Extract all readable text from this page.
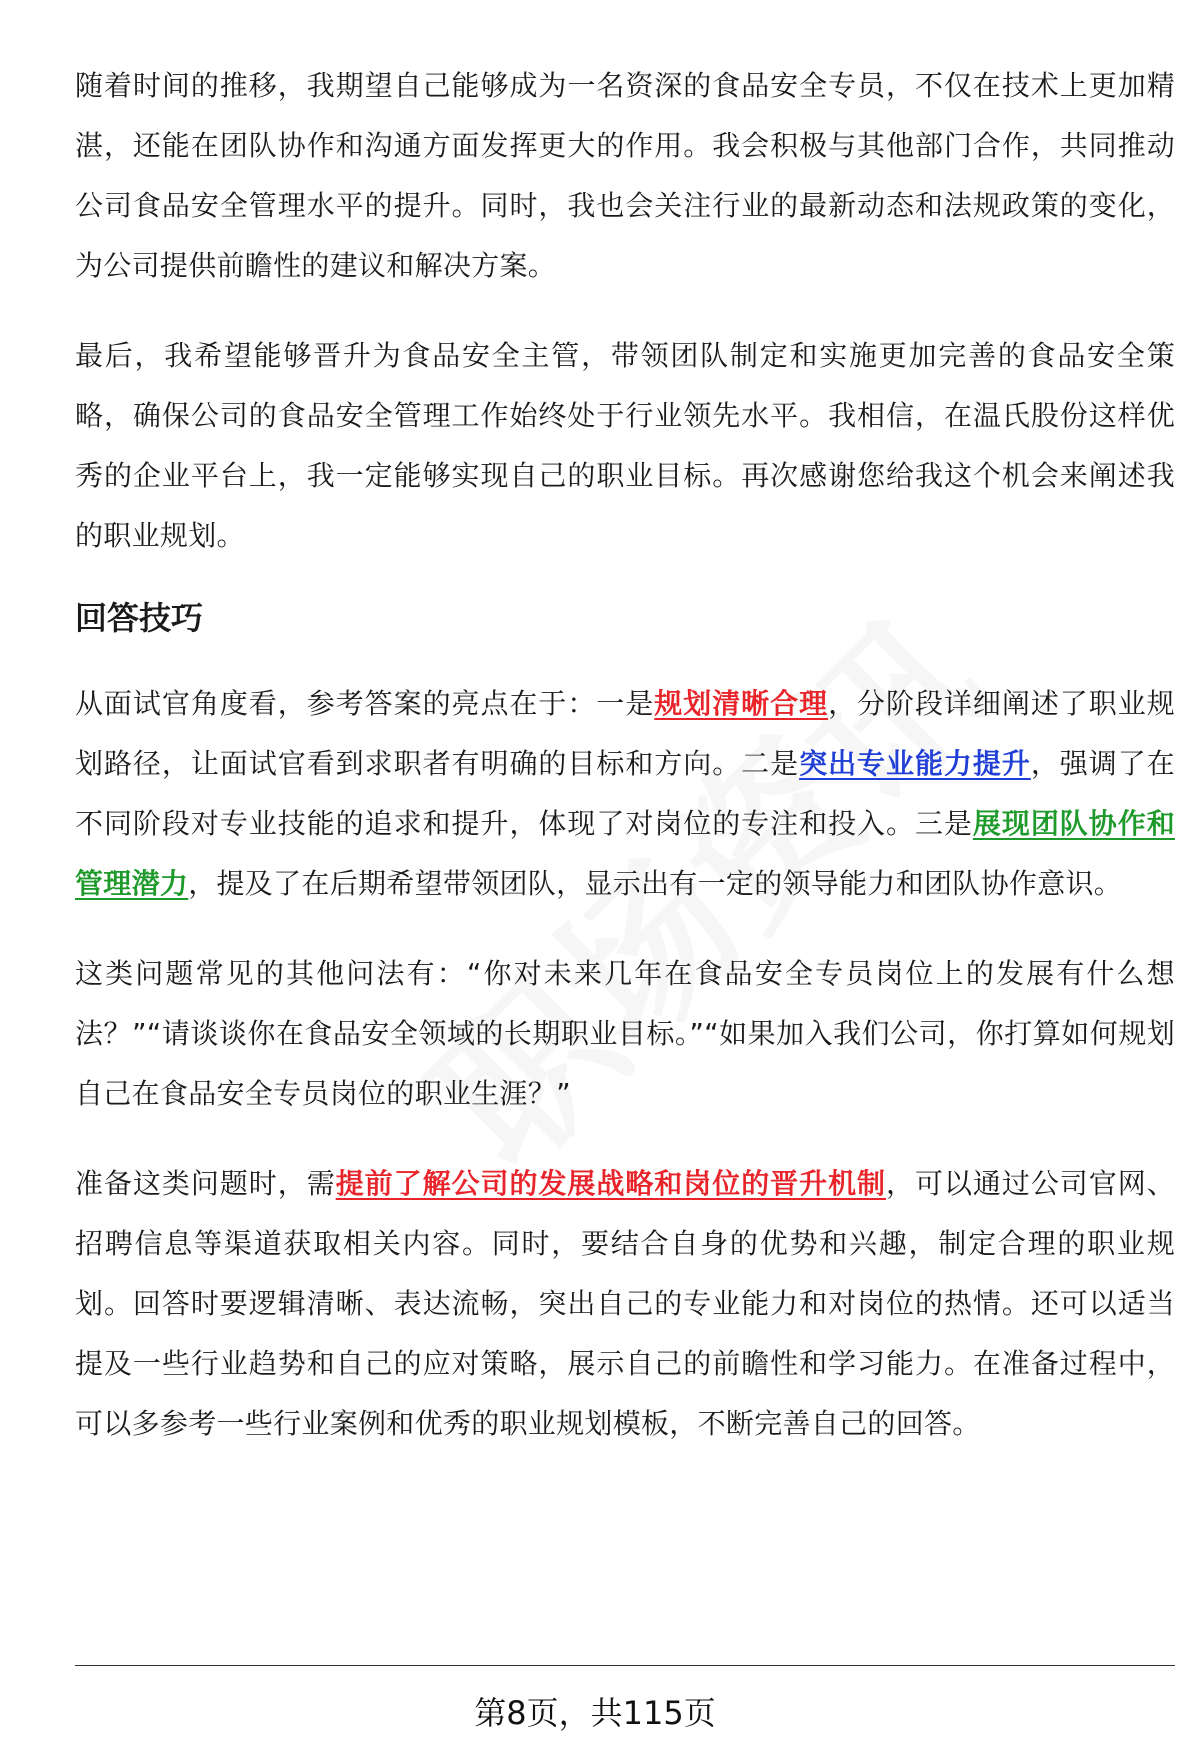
随着时间的推移，我期望自己能够成为一名资深的食品安全专员，不仅在技术上更加精湛，还能在团队协作和沟通方面发挥更大的作用。我会积极与其他部门合作，共同推动公司食品安全管理水平的提升。同时，我也会关注行业的最新动态和法规政策的变化，为公司提供前瞻性的建议和解决方案。

最后，我希望能够晋升为食品安全主管，带领团队制定和实施更加完善的食品安全策略，确保公司的食品安全管理工作始终处于行业领先水平。我相信，在温氏股份这样优秀的企业平台上，我一定能够实现自己的职业目标。再次感谢您给我这个机会来阐述我的职业规划。

回答技巧

从面试官角度看，参考答案的亮点在于：一是规划清晰合理，分阶段详细阐述了职业规划路径，让面试官看到求职者有明确的目标和方向。二是突出专业能力提升，强调了在不同阶段对专业技能的追求和提升，体现了对岗位的专注和投入。三是展现团队协作和管理潜力，提及了在后期希望带领团队，显示出有一定的领导能力和团队协作意识。

这类问题常见的其他问法有：“你对未来几年在食品安全专员岗位上的发展有什么想法？”“请谈谈你在食品安全领域的长期职业目标。”“如果加入我们公司，你打算如何规划自己在食品安全专员岗位的职业生涯？”

准备这类问题时，需提前了解公司的发展战略和岗位的晋升机制，可以通过公司官网、招聘信息等渠道获取相关内容。同时，要结合自身的优势和兴趣，制定合理的职业规划。回答时要逻辑清晰、表达流畅，突出自己的专业能力和对岗位的热情。还可以适当提及一些行业趋势和自己的应对策略，展示自己的前瞻性和学习能力。在准备过程中，可以多参考一些行业案例和优秀的职业规划模板，不断完善自己的回答。

第8页，共115页
